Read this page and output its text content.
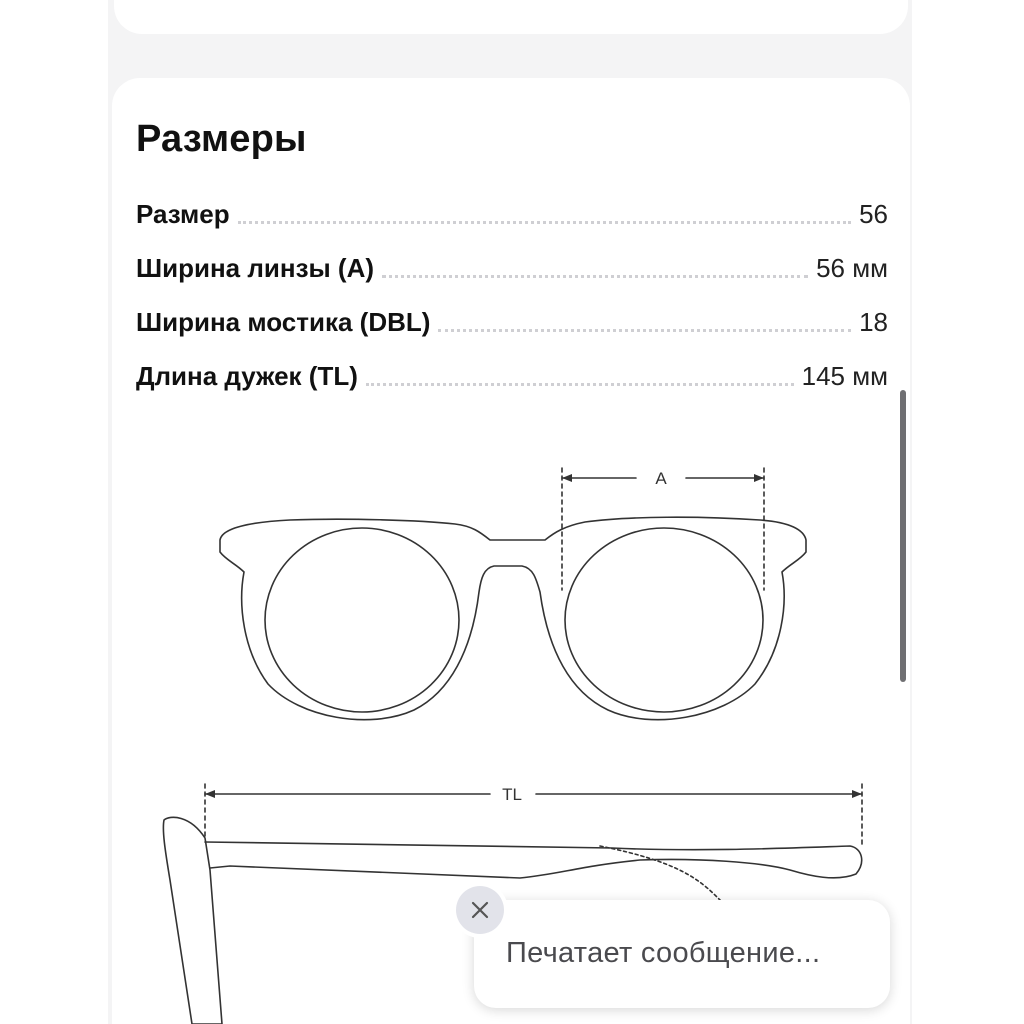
Размеры
Размер	56
Ширина линзы (A)	56 мм
Ширина мостика (DBL)	18
Длина дужек (TL)	145 мм
A
TL
Печатает сообщение...
